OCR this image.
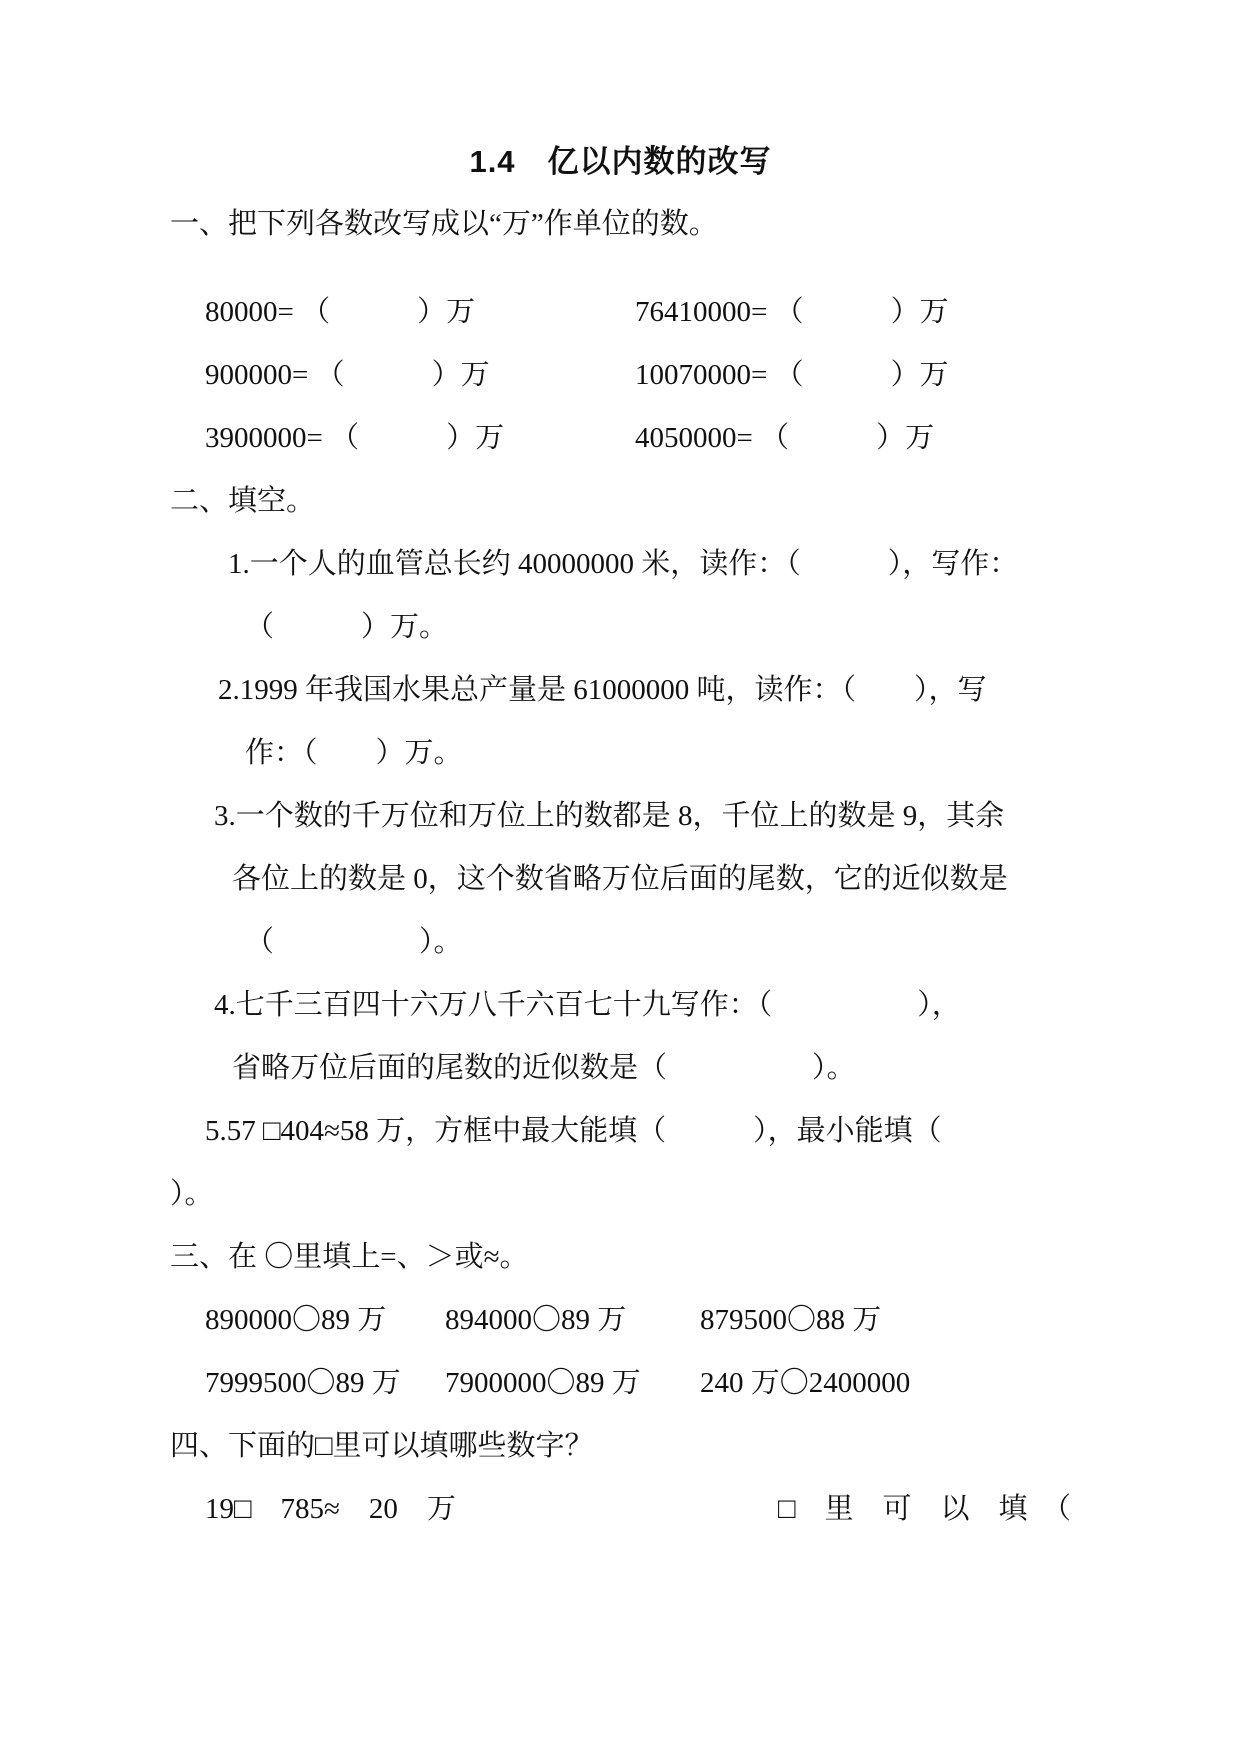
1.4　亿以内数的改写
一、把下列各数改写成以“万”作单位的数。
80000= （　　　）万	76410000= （　　　）万
900000= （　　　）万	10070000= （　　　）万
3900000= （　　　）万	4050000= （　　　）万
二、填空。
1.一个人的血管总长约 40000000 米，读作：（　　　），写作：
（　　　）万。
2.1999 年我国水果总产量是 61000000 吨，读作：（　　），写
作：（　　）万。
3.一个数的千万位和万位上的数都是 8，千位上的数是 9，其余
各位上的数是 0，这个数省略万位后面的尾数，它的近似数是
（　　　　　）。
4.七千三百四十六万八千六百七十九写作：（　　　　　），
省略万位后面的尾数的近似数是（　　　　　）。
5.57 □404≈58 万，方框中最大能填（　　　），最小能填（
）。
三、在 〇里填上=、＞或≈。
890000〇89 万	894000〇89 万	879500〇88 万
7999500〇89 万	7900000〇89 万	240 万〇2400000
四、下面的□里可以填哪些数字？
19□　785≈　20　万	□　里　可　以　填　（
